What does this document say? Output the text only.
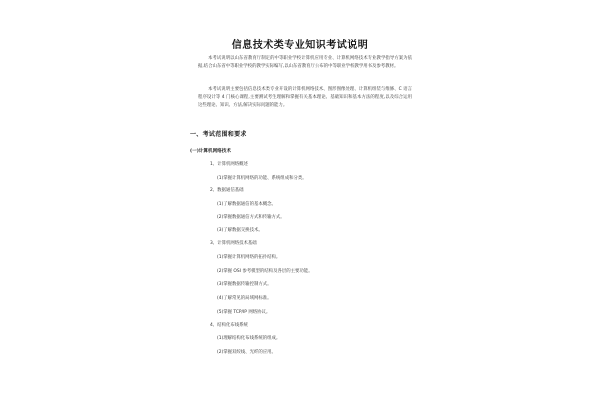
信息技术类专业知识考试说明

本考试说明以山东省教育厅制定的中等职业学校计算机应用专业、计算机网络技术专业教学指导方案为依据,结合山东省中等职业学校的教学实际编写,以山东省教育厅公布的中等职业学校教学用书及参考教材。

本考试说明主要包括信息技术类专业开设的计算机网络技术、图形图像处理、计算机组装与维修、C 语言程序设计等 4 门核心课程,主要测试考生理解和掌握有关基本理论、基础知识和基本方法的程度,以及综合运用这些理论、知识、方法,解决实际问题的能力。

一、考试范围和要求
(一)计算机网络技术
1、计算机网络概述
(1)掌握计算机网络的功能、系统组成和分类。
2、数据通信基础
(1)了解数据通信的基本概念。
(2)掌握数据通信方式和传输方式。
(3)了解数据交换技术。
3、计算机网络技术基础
(1)掌握计算机网络的拓扑结构。
(2)掌握 OSI 参考模型的结构及各层的主要功能。
(3)掌握数据传输控制方式。
(4)了解常见的局域网标准。
(5)掌握 TCP/IP 网络协议。
4、结构化布线系统
(1)理解结构化布线系统的组成。
(2)掌握双绞线、光纤的应用。
